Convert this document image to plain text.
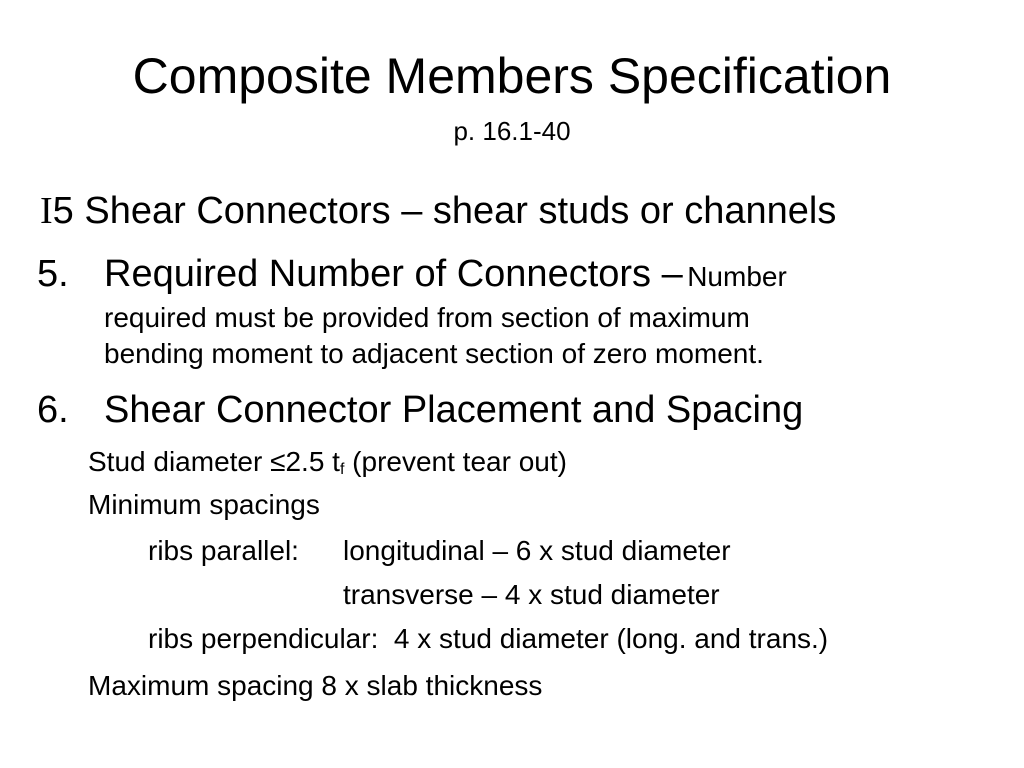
Composite Members Specification
p. 16.1-40
I5 Shear Connectors – shear studs or channels
5. Required Number of Connectors – Number
required must be provided from section of maximum
bending moment to adjacent section of zero moment.
6. Shear Connector Placement and Spacing
Stud diameter ≤2.5 $t_f$ (prevent tear out)
Minimum spacings
ribs parallel: longitudinal – 6 x stud diameter
transverse – 4 x stud diameter
ribs perpendicular:  4 x stud diameter (long. and trans.)
Maximum spacing 8 x slab thickness
